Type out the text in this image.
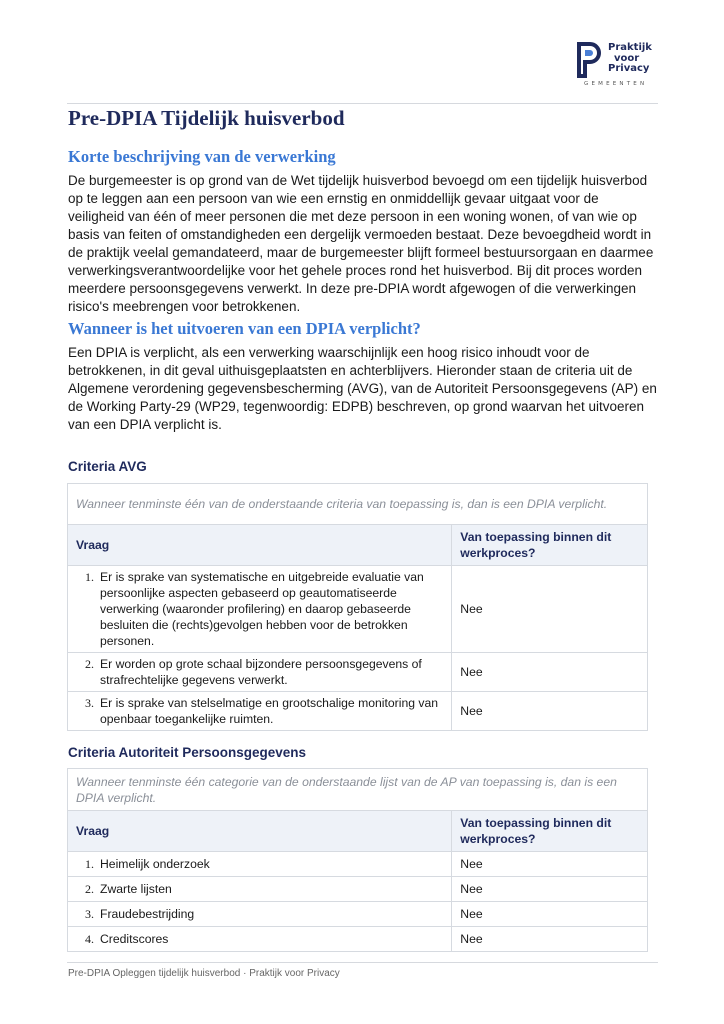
Praktijk
voor
Privacy
GEMEENTEN
Pre-DPIA Tijdelijk huisverbod
Korte beschrijving van de verwerking

De burgemeester is op grond van de Wet tijdelijk huisverbod bevoegd om een tijdelijk huisverbod op te leggen aan een persoon van wie een ernstig en onmiddellijk gevaar uitgaat voor de veiligheid van één of meer personen die met deze persoon in een woning wonen, of van wie op basis van feiten of omstandigheden een dergelijk vermoeden bestaat. Deze bevoegdheid wordt in de praktijk veelal gemandateerd, maar de burgemeester blijft formeel bestuursorgaan en daarmee verwerkingsverantwoordelijke voor het gehele proces rond het huisverbod. Bij dit proces worden meerdere persoonsgegevens verwerkt. In deze pre-DPIA wordt afgewogen of die verwerkingen risico's meebrengen voor betrokkenen.

Wanneer is het uitvoeren van een DPIA verplicht?

Een DPIA is verplicht, als een verwerking waarschijnlijk een hoog risico inhoudt voor de betrokkenen, in dit geval uithuisgeplaatsten en achterblijvers. Hieronder staan de criteria uit de Algemene verordening gegevensbescherming (AVG), van de Autoriteit Persoonsgegevens (AP) en de Working Party-29 (WP29, tegenwoordig: EDPB) beschreven, op grond waarvan het uitvoeren van een DPIA verplicht is.

Criteria AVG
Wanneer tenminste één van de onderstaande criteria van toepassing is, dan is een DPIA verplicht.	
Vraag	Van toepassing binnen dit werkproces?

1. Er is sprake van systematische en uitgebreide evaluatie van persoonlijke aspecten gebaseerd op geautomatiseerde verwerking (waaronder profilering) en daarop gebaseerde besluiten die (rechts)gevolgen hebben voor de betrokken personen.	Nee

2. Er worden op grote schaal bijzondere persoonsgegevens of strafrechtelijke gegevens verwerkt.	Nee

3. Er is sprake van stelselmatige en grootschalige monitoring van openbaar toegankelijke ruimten.	Nee
Criteria Autoriteit Persoonsgegevens
Wanneer tenminste één categorie van de onderstaande lijst van de AP van toepassing is, dan is een DPIA verplicht.	
Vraag	Van toepassing binnen dit werkproces?

1. Heimelijk onderzoek	Nee

2. Zwarte lijsten	Nee

3. Fraudebestrijding	Nee

4. Creditscores	Nee
Pre-DPIA Opleggen tijdelijk huisverbod · Praktijk voor Privacy
